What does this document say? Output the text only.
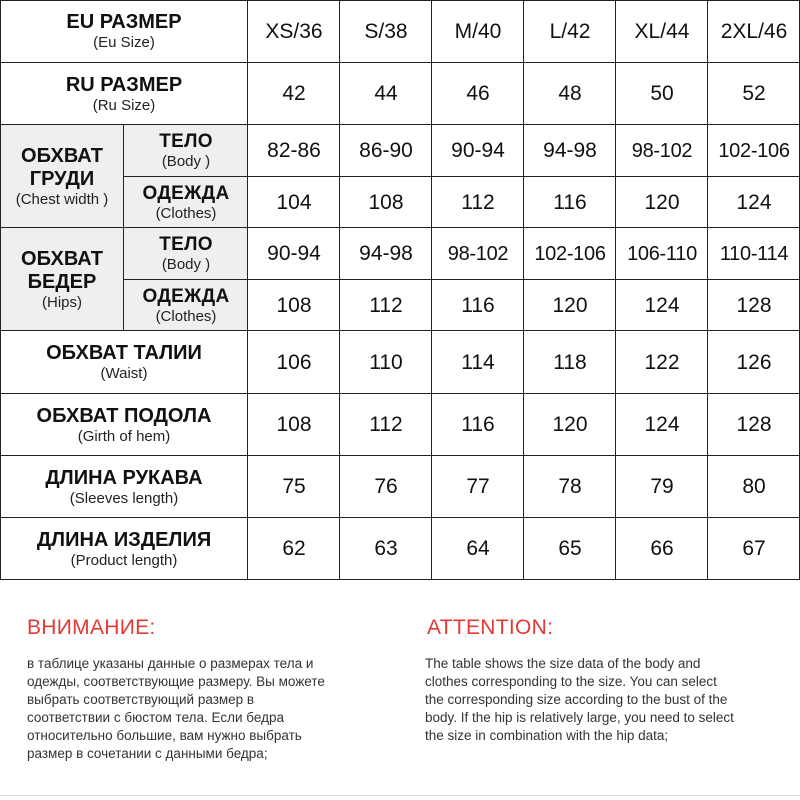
EU РАЗМЕР
(Eu Size)	XS/36	S/38	M/40	L/42	XL/44	2XL/46
RU РАЗМЕР
(Ru Size)	42	44	46	48	50	52
ОБХВАТ
ГРУДИ
(Chest width )
ТЕЛО
(Body )	82-86	86-90	90-94	94-98	98-102	102-106
ОДЕЖДА
(Clothes)	104	108	112	116	120	124
ОБХВАТ
БЕДЕР
(Hips)
ТЕЛО
(Body )	90-94	94-98	98-102	102-106	106-110	110-114
ОДЕЖДА
(Clothes)	108	112	116	120	124	128
ОБХВАТ ТАЛИИ
(Waist)	106	110	114	118	122	126
ОБХВАТ ПОДОЛА
(Girth of hem)	108	112	116	120	124	128
ДЛИНА РУКАВА
(Sleeves length)	75	76	77	78	79	80
ДЛИНА ИЗДЕЛИЯ
(Product length)	62	63	64	65	66	67
ВНИМАНИЕ:
в таблице указаны данные о размерах тела и
одежды, соответствующие размеру. Вы можете
выбрать соответствующий размер в
соответствии с бюстом тела. Если бедра
относительно большие, вам нужно выбрать
размер в сочетании с данными бедра;
ATTENTION:
The table shows the size data of the body and
clothes corresponding to the size. You can select
the corresponding size according to the bust of the
body. If the hip is relatively large, you need to select
the size in combination with the hip data;
